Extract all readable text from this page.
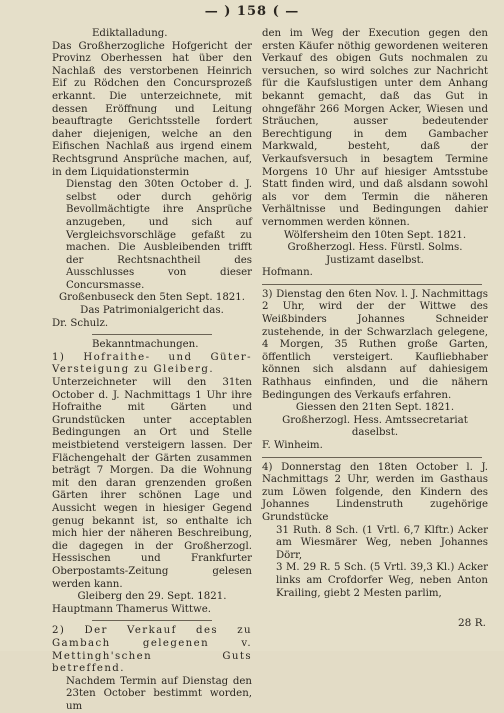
— ) 158 ( —

Ediktalladung.

Das Großherzogliche Hofgericht der Provinz Oberhessen hat über den Nachlaß des verstorbenen Heinrich Eif zu Rödchen den Concursprozeß erkannt. Die unterzeichnete, mit dessen Eröffnung und Leitung beauftragte Gerichtsstelle fordert daher diejenigen, welche an den Eifischen Nachlaß aus irgend einem Rechtsgrund Ansprüche machen, auf, in dem Liquidationstermin

Dienstag den 30ten October d. J. selbst oder durch gehörig Bevollmächtigte ihre Ansprüche anzugeben, und sich auf Vergleichsvorschläge gefaßt zu machen. Die Ausbleibenden trifft der Rechtsnachtheil des Ausschlusses von dieser Concursmasse.

Großenbuseck den 5ten Sept. 1821.

Das Patrimonialgericht das.

Dr. Schulz.

Bekanntmachungen.

1) Hofraithe- und Güter-Versteigung zu Gleiberg.

Unterzeichneter will den 31ten October d. J. Nachmittags 1 Uhr ihre Hofraithe mit Gärten und Grundstücken unter acceptablen Bedingungen an Ort und Stelle meistbietend versteigern lassen. Der Flächengehalt der Gärten zusammen beträgt 7 Morgen. Da die Wohnung mit den daran grenzenden großen Gärten ihrer schönen Lage und Aussicht wegen in hiesiger Gegend genug bekannt ist, so enthalte ich mich hier der näheren Beschreibung, die dagegen in der Großherzogl. Hessischen und Frankfurter Oberpostamts-Zeitung gelesen werden kann.

Gleiberg den 29. Sept. 1821.

Hauptmann Thamerus Wittwe.

2) Der Verkauf des zu Gambach gelegenen v. Mettingh'schen Guts betreffend.

Nachdem Termin auf Dienstag den 23ten October bestimmt worden, um

den im Weg der Execution gegen den ersten Käufer nöthig gewordenen weiteren Verkauf des obigen Guts nochmalen zu versuchen, so wird solches zur Nachricht für die Kaufslustigen unter dem Anhang bekannt gemacht, daß das Gut in ohngefähr 266 Morgen Acker, Wiesen und Sträuchen, ausser bedeutender Berechtigung in dem Gambacher Markwald, besteht, daß der Verkaufsversuch in besagtem Termine Morgens 10 Uhr auf hiesiger Amtsstube Statt finden wird, und daß alsdann sowohl als vor dem Termin die näheren Verhältnisse und Bedingungen dahier vernommen werden können.

Wölfersheim den 10ten Sept. 1821.

Großherzogl. Hess. Fürstl. Solms. Justizamt daselbst.

Hofmann.

3) Dienstag den 6ten Nov. l. J. Nachmittags 2 Uhr, wird der der Wittwe des Weißbinders Johannes Schneider zustehende, in der Schwarzlach gelegene, 4 Morgen, 35 Ruthen große Garten, öffentlich versteigert. Kaufliebhaber können sich alsdann auf dahiesigem Rathhaus einfinden, und die nähern Bedingungen des Verkaufs erfahren.

Giessen den 21ten Sept. 1821.

Großherzogl. Hess. Amtssecretariat daselbst.

F. Winheim.

4) Donnerstag den 18ten October l. J. Nachmittags 2 Uhr, werden im Gasthaus zum Löwen folgende, den Kindern des Johannes Lindenstruth zugehörige Grundstücke

31 Ruth. 8 Sch. (1 Vrtl. 6,7 Klftr.) Acker am Wiesmärer Weg, neben Johannes Dörr,

3 M. 29 R. 5 Sch. (5 Vrtl. 39,3 Kl.) Acker links am Crofdorfer Weg, neben Anton Krailing, giebt 2 Mesten parlim,

28 R.
